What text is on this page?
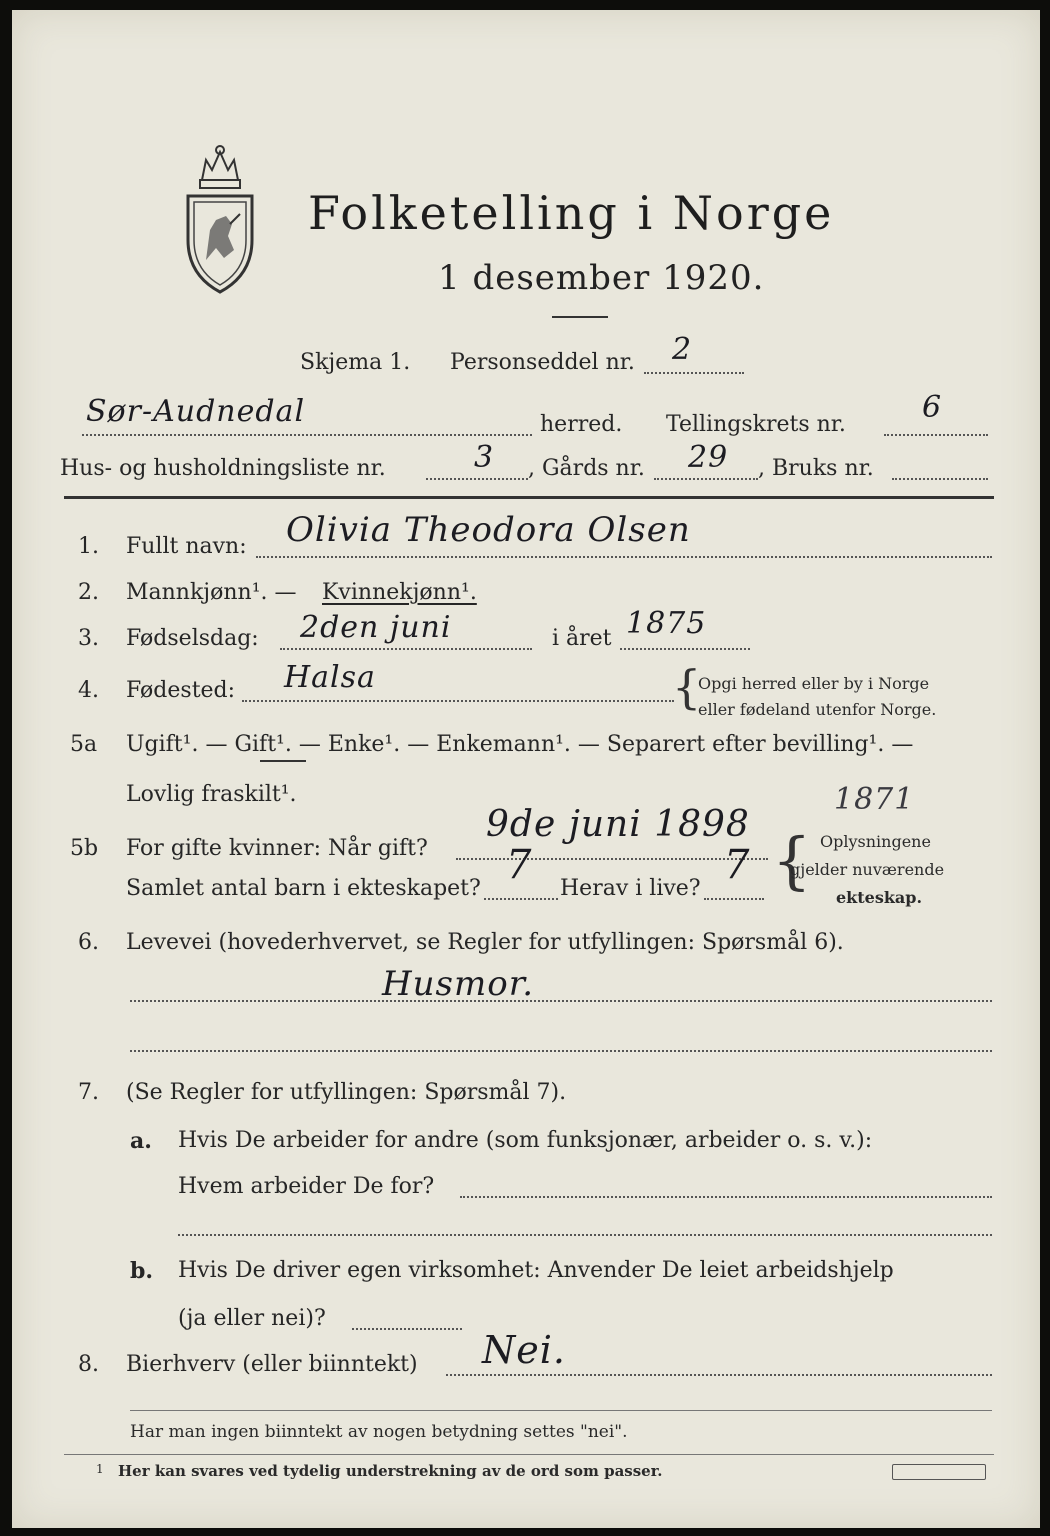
Folketelling i Norge
1 desember 1920.
Skjema 1. Personseddel nr. 2
Sør-Audnedal	herred. Tellingskrets nr.	6
Hus- og husholdningsliste nr.	3 , Gårds nr. 29 , Bruks nr.
1. Fullt navn: Olivia Theodora Olsen
2. Mannkjønn¹. — Kvinnekjønn¹.
3. Fødselsdag: 2den juni	i året 1875
4. Fødested: Halsa	{
Opgi herred eller by i Norge
eller fødeland utenfor Norge.
5a Ugift¹. — Gift¹. — Enke¹. — Enkemann¹. — Separert efter bevilling¹. —
Lovlig fraskilt¹.
5b For gifte kvinner: Når gift?
9de juni 1898
1871
Samlet antal barn i ekteskapet?
7
Herav i live?
7 { Oplysningene
gjelder nuværende
ekteskap.
6. Levevei (hovederhvervet, se Regler for utfyllingen: Spørsmål 6).
Husmor.
7. (Se Regler for utfyllingen: Spørsmål 7).
a. Hvis De arbeider for andre (som funksjonær, arbeider o. s. v.):
Hvem arbeider De for?
b. Hvis De driver egen virksomhet: Anvender De leiet arbeidshjelp
(ja eller nei)?
8. Bierhverv (eller biinntekt) Nei.
Har man ingen biinntekt av nogen betydning settes "nei".
1 Her kan svares ved tydelig understrekning av de ord som passer.
